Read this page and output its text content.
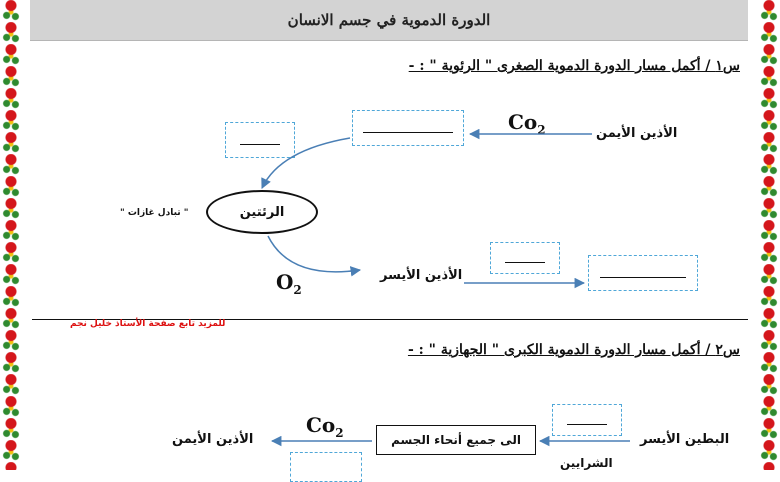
الدورة الدموية في جسم الانسان
س١ / أكمل مسار الدورة الدموية الصغرى " الرئوية " : -
الأذين الأيمن
$Co_2$
الرئتين
" تبادل غازات "
$O_2$
الأذين الأيسر
للمزيد تابع صفحة الأستاذ خليل نجم
س٢ / أكمل مسار الدورة الدموية الكبرى " الجهازية " : -
البطين الأيسر
الشرايين
الى جميع أنحاء الجسم
$Co_2$
الأذين الأيمن
